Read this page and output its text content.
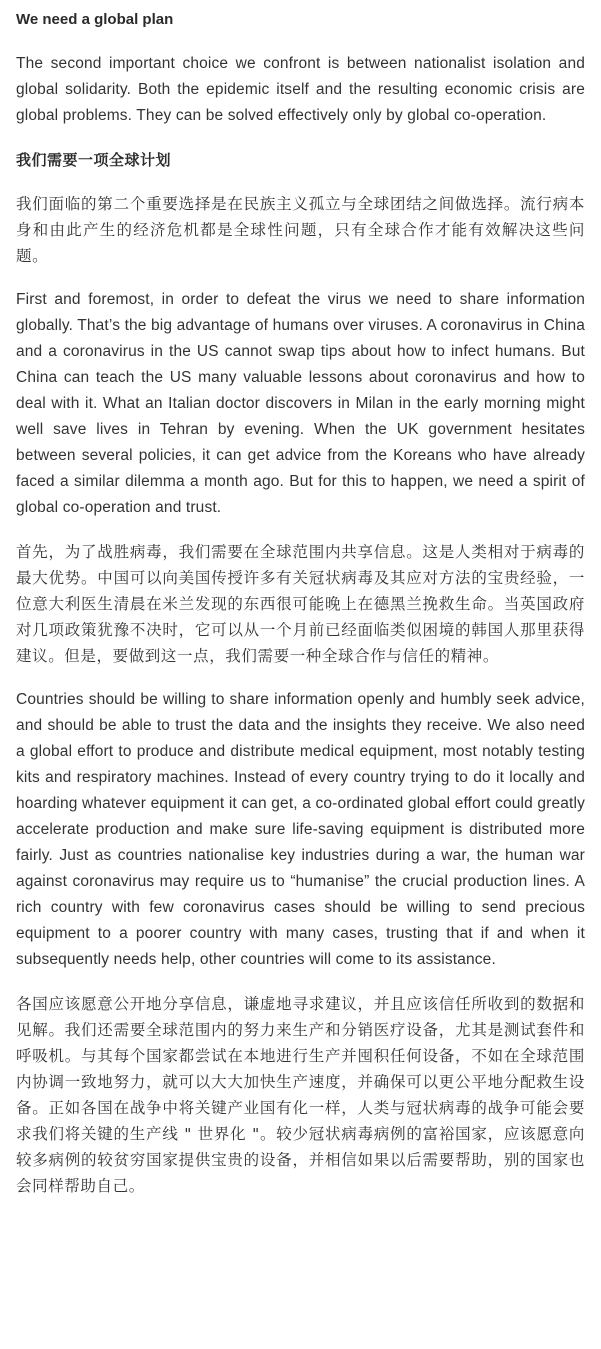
We need a global plan

The second important choice we confront is between nationalist isolation and global solidarity. Both the epidemic itself and the resulting economic crisis are global problems. They can be solved effectively only by global co-operation.

我们需要一项全球计划

我们面临的第二个重要选择是在民族主义孤立与全球团结之间做选择。流行病本身和由此产生的经济危机都是全球性问题，只有全球合作才能有效解决这些问题。

First and foremost, in order to defeat the virus we need to share information globally. That’s the big advantage of humans over viruses. A coronavirus in China and a coronavirus in the US cannot swap tips about how to infect humans. But China can teach the US many valuable lessons about coronavirus and how to deal with it. What an Italian doctor discovers in Milan in the early morning might well save lives in Tehran by evening. When the UK government hesitates between several policies, it can get advice from the Koreans who have already faced a similar dilemma a month ago. But for this to happen, we need a spirit of global co-operation and trust.

首先，为了战胜病毒，我们需要在全球范围内共享信息。这是人类相对于病毒的最大优势。中国可以向美国传授许多有关冠状病毒及其应对方法的宝贵经验，一位意大利医生清晨在米兰发现的东西很可能晚上在德黑兰挽救生命。当英国政府对几项政策犹豫不决时，它可以从一个月前已经面临类似困境的韩国人那里获得建议。但是，要做到这一点，我们需要一种全球合作与信任的精神。

Countries should be willing to share information openly and humbly seek advice, and should be able to trust the data and the insights they receive. We also need a global effort to produce and distribute medical equipment, most notably testing kits and respiratory machines. Instead of every country trying to do it locally and hoarding whatever equipment it can get, a co-ordinated global effort could greatly accelerate production and make sure life-saving equipment is distributed more fairly. Just as countries nationalise key industries during a war, the human war against coronavirus may require us to “humanise” the crucial production lines. A rich country with few coronavirus cases should be willing to send precious equipment to a poorer country with many cases, trusting that if and when it subsequently needs help, other countries will come to its assistance.

各国应该愿意公开地分享信息，谦虚地寻求建议，并且应该信任所收到的数据和见解。我们还需要全球范围内的努力来生产和分销医疗设备，尤其是测试套件和呼吸机。与其每个国家都尝试在本地进行生产并囤积任何设备，不如在全球范围内协调一致地努力，就可以大大加快生产速度，并确保可以更公平地分配救生设备。正如各国在战争中将关键产业国有化一样，人类与冠状病毒的战争可能会要求我们将关键的生产线 " 世界化 "。较少冠状病毒病例的富裕国家，应该愿意向较多病例的较贫穷国家提供宝贵的设备，并相信如果以后需要帮助，别的国家也会同样帮助自己。
